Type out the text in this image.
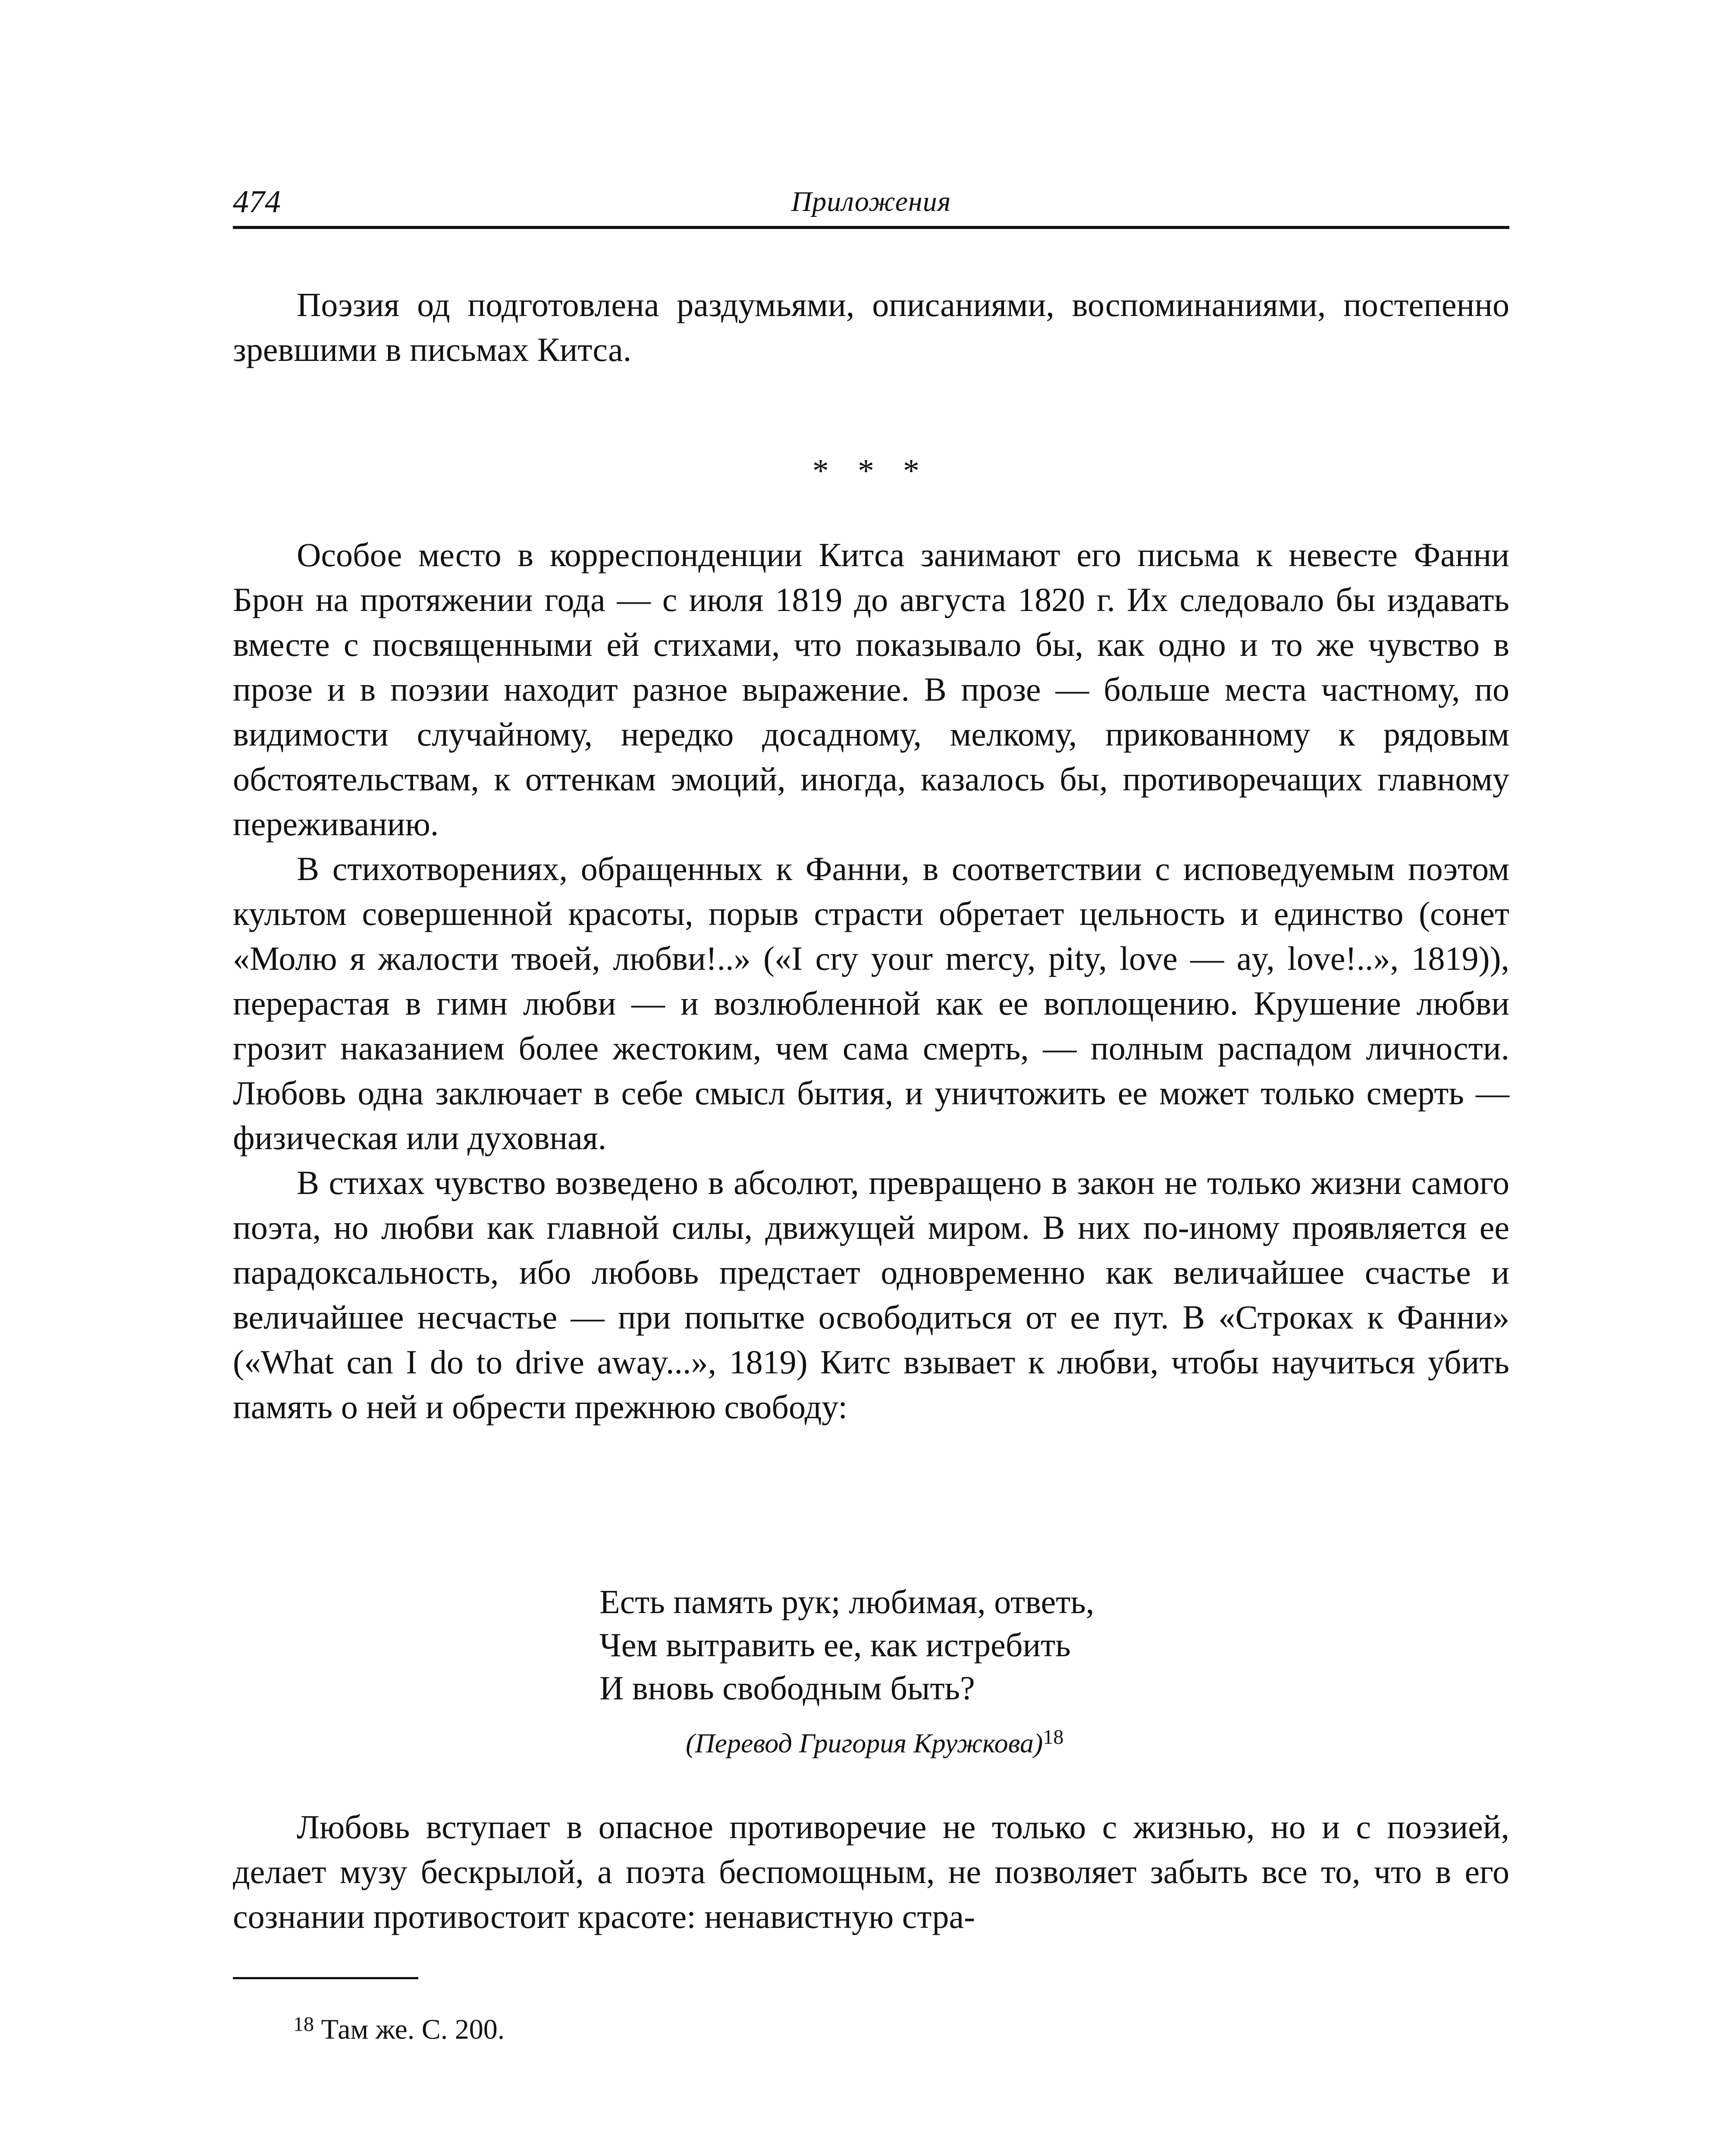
474	Приложения

Поэзия од подготовлена раздумьями, описаниями, воспоминаниями, постепенно зревшими в письмах Китса.

* * *

Особое место в корреспонденции Китса занимают его письма к невесте Фанни Брон на протяжении года — с июля 1819 до августа 1820 г. Их следовало бы издавать вместе с посвященными ей стихами, что показывало бы, как одно и то же чувство в прозе и в поэзии находит разное выражение. В прозе — больше места частному, по видимости случайному, нередко досадному, мелкому, прикованному к рядовым обстоятельствам, к оттенкам эмоций, иногда, казалось бы, противоречащих главному переживанию.

В стихотворениях, обращенных к Фанни, в соответствии с исповедуемым поэтом культом совершенной красоты, порыв страсти обретает цельность и единство (сонет «Молю я жалости твоей, любви!..» («I cry your mercy, pity, love — ay, love!..», 1819)), перерастая в гимн любви — и возлюбленной как ее воплощению. Крушение любви грозит наказанием более жестоким, чем сама смерть, — полным распадом личности. Любовь одна заключает в себе смысл бытия, и уничтожить ее может только смерть — физическая или духовная.

В стихах чувство возведено в абсолют, превращено в закон не только жизни самого поэта, но любви как главной силы, движущей миром. В них по-иному проявляется ее парадоксальность, ибо любовь предстает одновременно как величайшее счастье и величайшее несчастье — при попытке освободиться от ее пут. В «Строках к Фанни» («What can I do to drive away...», 1819) Китс взывает к любви, чтобы научиться убить память о ней и обрести прежнюю свободу:

Есть память рук; любимая, ответь,
Чем вытравить ее, как истребить
И вновь свободным быть?
(Перевод Григория Кружкова)$^{18}$

Любовь вступает в опасное противоречие не только с жизнью, но и с поэзией, делает музу бескрылой, а поэта беспомощным, не позволяет забыть все то, что в его сознании противостоит красоте: ненавистную стра-

$^{18}$ Там же. С. 200.
